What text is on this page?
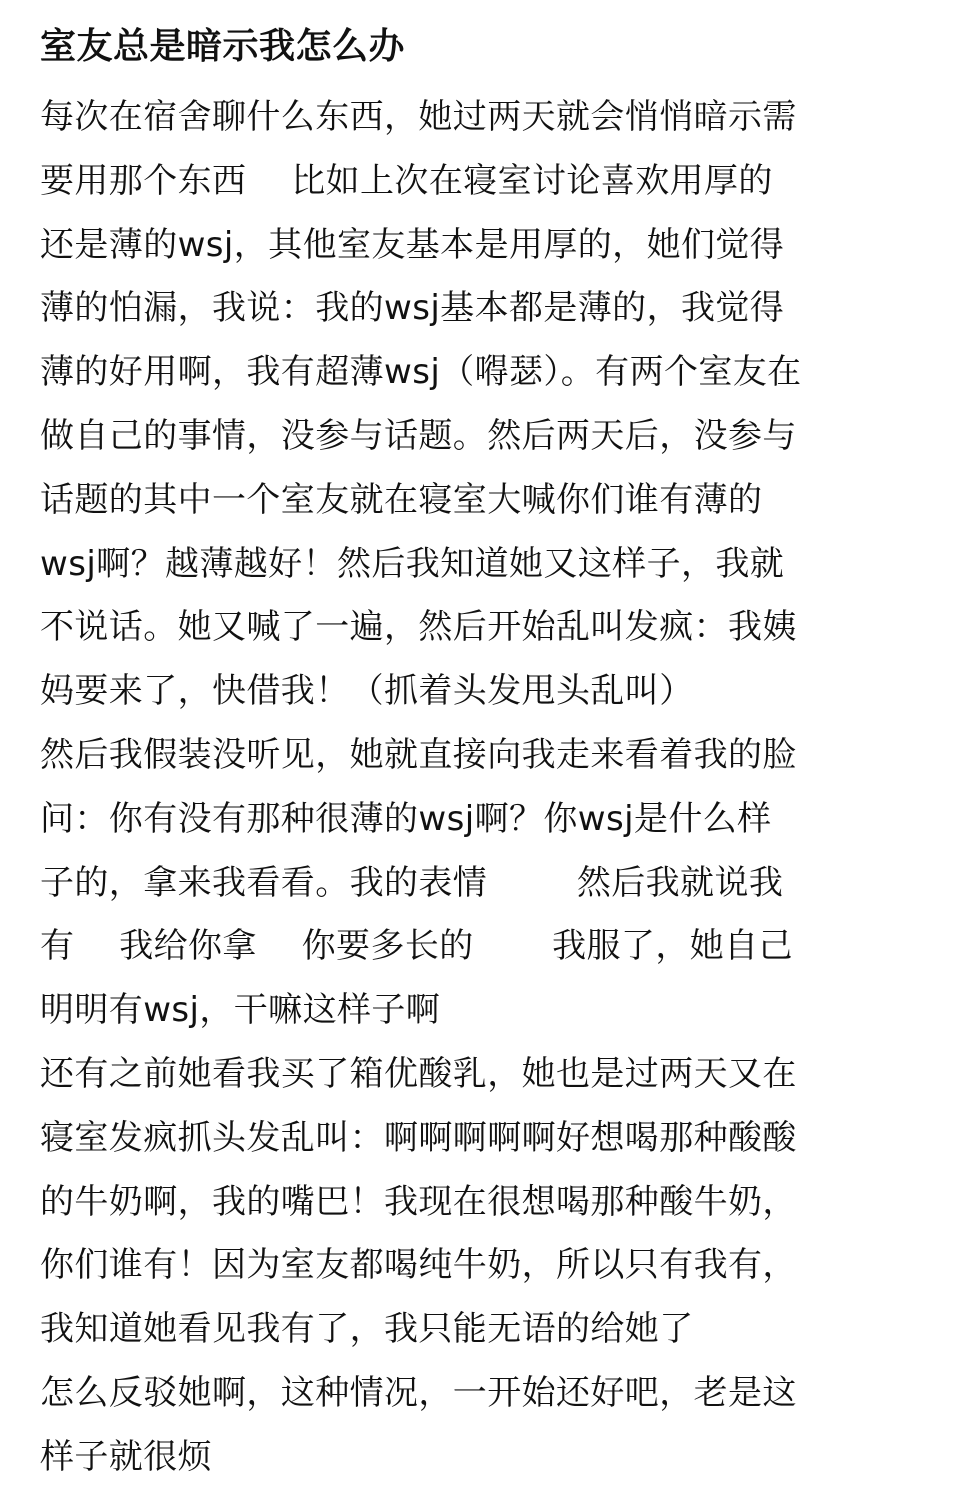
室友总是暗示我怎么办
每次在宿舍聊什么东西，她过两天就会悄悄暗示需
要用那个东西    比如上次在寝室讨论喜欢用厚的
还是薄的wsj，其他室友基本是用厚的，她们觉得
薄的怕漏，我说：我的wsj基本都是薄的，我觉得
薄的好用啊，我有超薄wsj（嘚瑟）。有两个室友在
做自己的事情，没参与话题。然后两天后，没参与
话题的其中一个室友就在寝室大喊你们谁有薄的
wsj啊？越薄越好！然后我知道她又这样子，我就
不说话。她又喊了一遍，然后开始乱叫发疯：我姨
妈要来了，快借我！（抓着头发甩头乱叫）
然后我假装没听见，她就直接向我走来看着我的脸
问：你有没有那种很薄的wsj啊？你wsj是什么样
子的，拿来我看看。我的表情        然后我就说我
有    我给你拿    你要多长的       我服了，她自己
明明有wsj，干嘛这样子啊
还有之前她看我买了箱优酸乳，她也是过两天又在
寝室发疯抓头发乱叫：啊啊啊啊啊好想喝那种酸酸
的牛奶啊，我的嘴巴！我现在很想喝那种酸牛奶，
你们谁有！因为室友都喝纯牛奶，所以只有我有，
我知道她看见我有了，我只能无语的给她了
怎么反驳她啊，这种情况，一开始还好吧，老是这
样子就很烦
